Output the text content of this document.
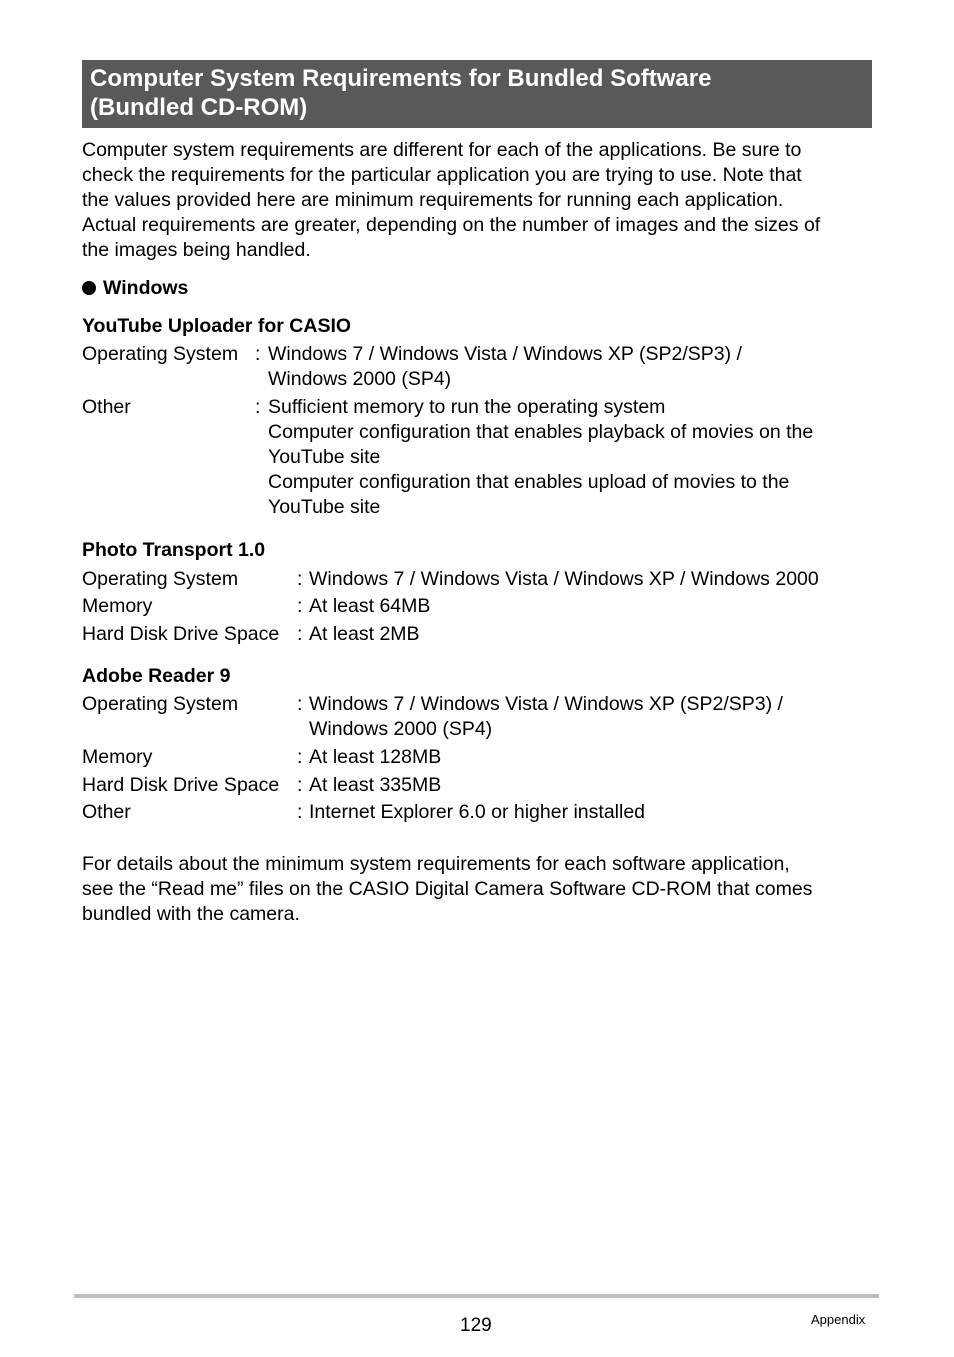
Computer System Requirements for Bundled Software
(Bundled CD-ROM)
Computer system requirements are different for each of the applications. Be sure to
check the requirements for the particular application you are trying to use. Note that
the values provided here are minimum requirements for running each application.
Actual requirements are greater, depending on the number of images and the sizes of
the images being handled.
Windows
YouTube Uploader for CASIO
Operating System : Windows 7 / Windows Vista / Windows XP (SP2/SP3) /
Windows 2000 (SP4)
Other	: Sufficient memory to run the operating system
Computer configuration that enables playback of movies on the
YouTube site
Computer configuration that enables upload of movies to the
YouTube site
Photo Transport 1.0
Operating System	: Windows 7 / Windows Vista / Windows XP / Windows 2000
Memory	: At least 64MB
Hard Disk Drive Space : At least 2MB
Adobe Reader 9
Operating System	: Windows 7 / Windows Vista / Windows XP (SP2/SP3) /
Windows 2000 (SP4)
Memory	: At least 128MB
Hard Disk Drive Space : At least 335MB
Other	: Internet Explorer 6.0 or higher installed
For details about the minimum system requirements for each software application,
see the “Read me” files on the CASIO Digital Camera Software CD-ROM that comes
bundled with the camera.
129	Appendix
